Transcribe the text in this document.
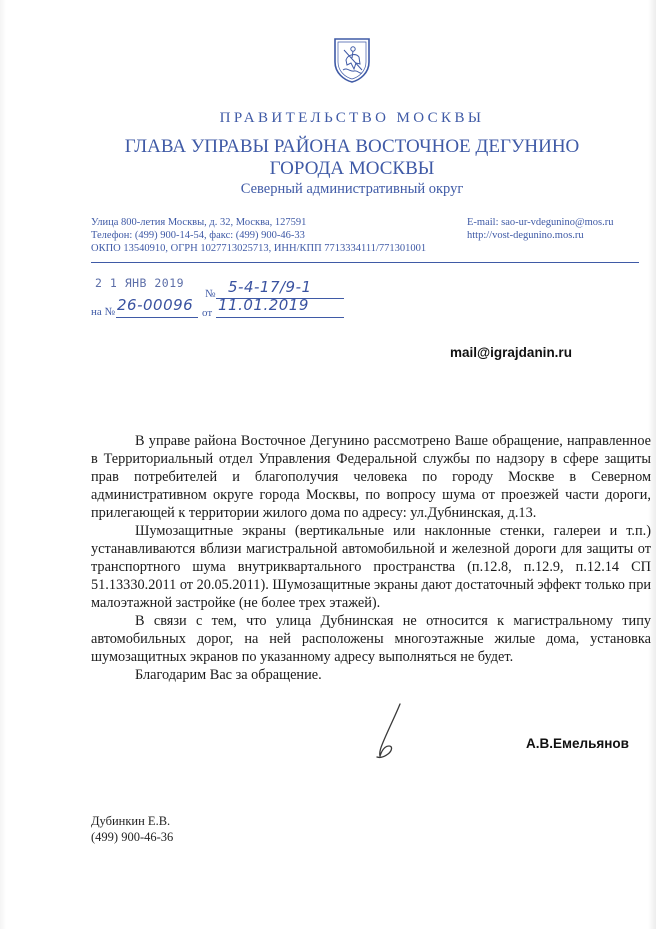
ПРАВИТЕЛЬСТВО МОСКВЫ
ГЛАВА УПРАВЫ РАЙОНА ВОСТОЧНОЕ ДЕГУНИНО
ГОРОДА МОСКВЫ
Северный административный округ
Улица 800-летия Москвы, д. 32, Москва, 127591
Телефон: (499) 900-14-54, факс: (499) 900-46-33
ОКПО 13540910, ОГРН 1027713025713, ИНН/КПП 7713334111/771301001
E-mail: sao-ur-vdegunino@mos.ru
http://vost-degunino.mos.ru
2 1 ЯНВ 2019
№ 5-4-17/9-1
на № 26-00096 от 11.01.2019
mail@igrajdanin.ru

В управе района Восточное Дегунино рассмотрено Ваше обращение, направленное в Территориальный отдел Управления Федеральной службы по надзору в сфере защиты прав потребителей и благополучия человека по городу Москве в Северном административном округе города Москвы, по вопросу шума от проезжей части дороги, прилегающей к территории жилого дома по адресу: ул.Дубнинская, д.13.

Шумозащитные экраны (вертикальные или наклонные стенки, галереи и т.п.) устанавливаются вблизи магистральной автомобильной и железной дороги для защиты от транспортного шума внутриквартального пространства (п.12.8, п.12.9, п.12.14 СП 51.13330.2011 от 20.05.2011). Шумозащитные экраны дают достаточный эффект только при малоэтажной застройке (не более трех этажей).

В связи с тем, что улица Дубнинская не относится к магистральному типу автомобильных дорог, на ней расположены многоэтажные жилые дома, установка шумозащитных экранов по указанному адресу выполняться не будет.

Благодарим Вас за обращение.

А.В.Емельянов
Дубинкин Е.В.
(499) 900-46-36
